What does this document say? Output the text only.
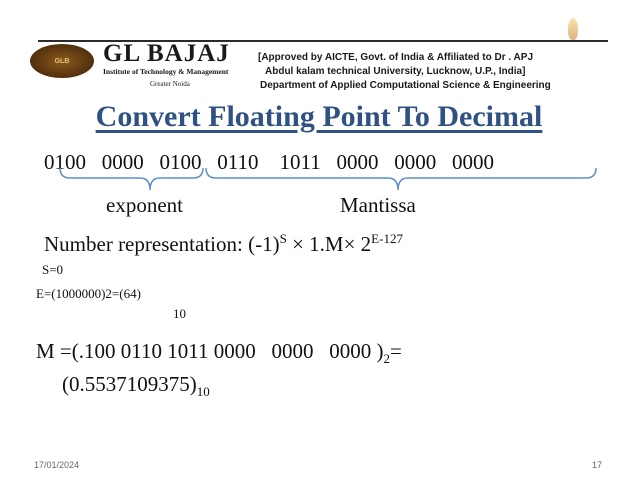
GLB	GL BAJAJ
Institute of Technology & Management
Greater Noida
[Approved by AICTE, Govt. of India & Affiliated to Dr . APJ
Abdul kalam technical University, Lucknow, U.P., India]
Department of Applied Computational Science & Engineering
Convert Floating Point To Decimal
0100   0000   0100   0110    1011   0000   0000   0000
exponent	Mantissa
Number representation: $(-1)^S \times 1.M\times 2^{E-127}$
S=0
E=(1000000)2=(64)
10
M =(.100 0110 1011 0000   0000   0000 )$_2=$
$(0.5537109375)_{10}$
17/01/2024	17
